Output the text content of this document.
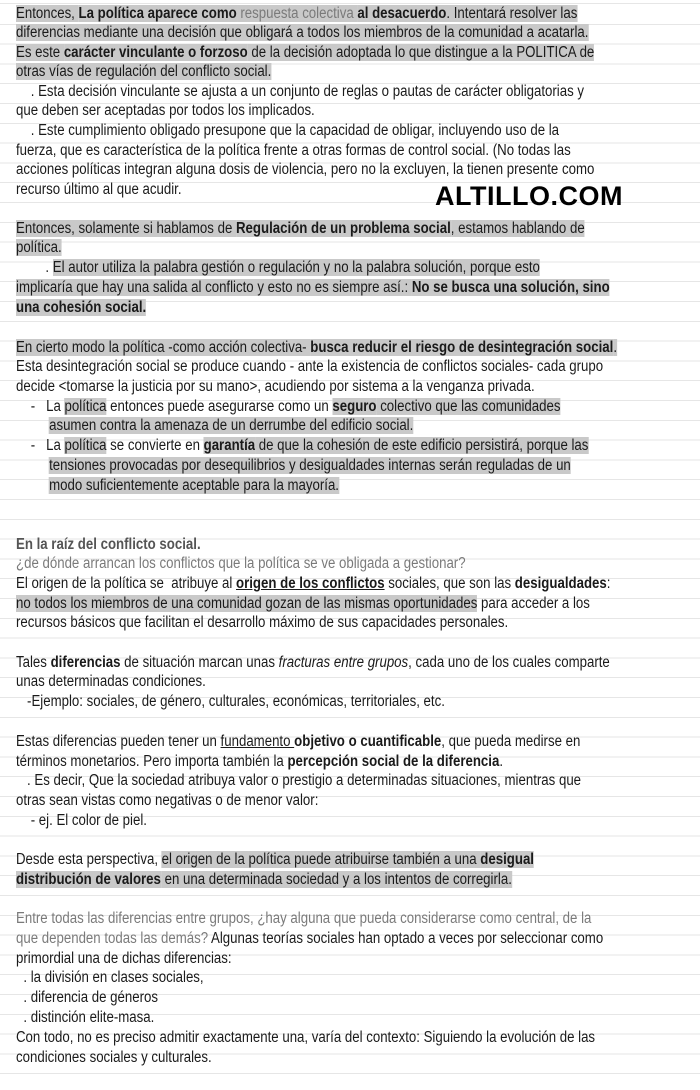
Entonces, La política aparece como respuesta colectiva al desacuerdo. Intentará resolver las
diferencias mediante una decisión que obligará a todos los miembros de la comunidad a acatarla.
Es este carácter vinculante o forzoso de la decisión adoptada lo que distingue a la POLITICA de
otras vías de regulación del conflicto social.
. Esta decisión vinculante se ajusta a un conjunto de reglas o pautas de carácter obligatorias y
que deben ser aceptadas por todos los implicados.
. Este cumplimiento obligado presupone que la capacidad de obligar, incluyendo uso de la
fuerza, que es característica de la política frente a otras formas de control social. (No todas las
acciones políticas integran alguna dosis de violencia, pero no la excluyen, la tienen presente como
recurso último al que acudir.
Entonces, solamente si hablamos de Regulación de un problema social, estamos hablando de
política.
. El autor utiliza la palabra gestión o regulación y no la palabra solución, porque esto
implicaría que hay una salida al conflicto y esto no es siempre así.: No se busca una solución, sino
una cohesión social.
En cierto modo la política -como acción colectiva- busca reducir el riesgo de desintegración social.
Esta desintegración social se produce cuando - ante la existencia de conflictos sociales- cada grupo
decide <tomarse la justicia por su mano>, acudiendo por sistema a la venganza privada.
-   La política entonces puede asegurarse como un seguro colectivo que las comunidades
asumen contra la amenaza de un derrumbe del edificio social.
-   La política se convierte en garantía de que la cohesión de este edificio persistirá, porque las
tensiones provocadas por desequilibrios y desigualdades internas serán reguladas de un
modo suficientemente aceptable para la mayoría.
En la raíz del conflicto social.
¿de dónde arrancan los conflictos que la política se ve obligada a gestionar?
El origen de la política se  atribuye al origen de los conflictos sociales, que son las desigualdades:
no todos los miembros de una comunidad gozan de las mismas oportunidades para acceder a los
recursos básicos que facilitan el desarrollo máximo de sus capacidades personales.
Tales diferencias de situación marcan unas fracturas entre grupos, cada uno de los cuales comparte
unas determinadas condiciones.
-Ejemplo: sociales, de género, culturales, económicas, territoriales, etc.
Estas diferencias pueden tener un fundamento objetivo o cuantificable, que pueda medirse en
términos monetarios. Pero importa también la percepción social de la diferencia.
. Es decir, Que la sociedad atribuya valor o prestigio a determinadas situaciones, mientras que
otras sean vistas como negativas o de menor valor:
- ej. El color de piel.
Desde esta perspectiva, el origen de la política puede atribuirse también a una desigual
distribución de valores en una determinada sociedad y a los intentos de corregirla.
Entre todas las diferencias entre grupos, ¿hay alguna que pueda considerarse como central, de la
que dependen todas las demás? Algunas teorías sociales han optado a veces por seleccionar como
primordial una de dichas diferencias:
. la división en clases sociales,
. diferencia de géneros
. distinción elite-masa.
Con todo, no es preciso admitir exactamente una, varía del contexto: Siguiendo la evolución de las
condiciones sociales y culturales.
ALTILLO.COM
